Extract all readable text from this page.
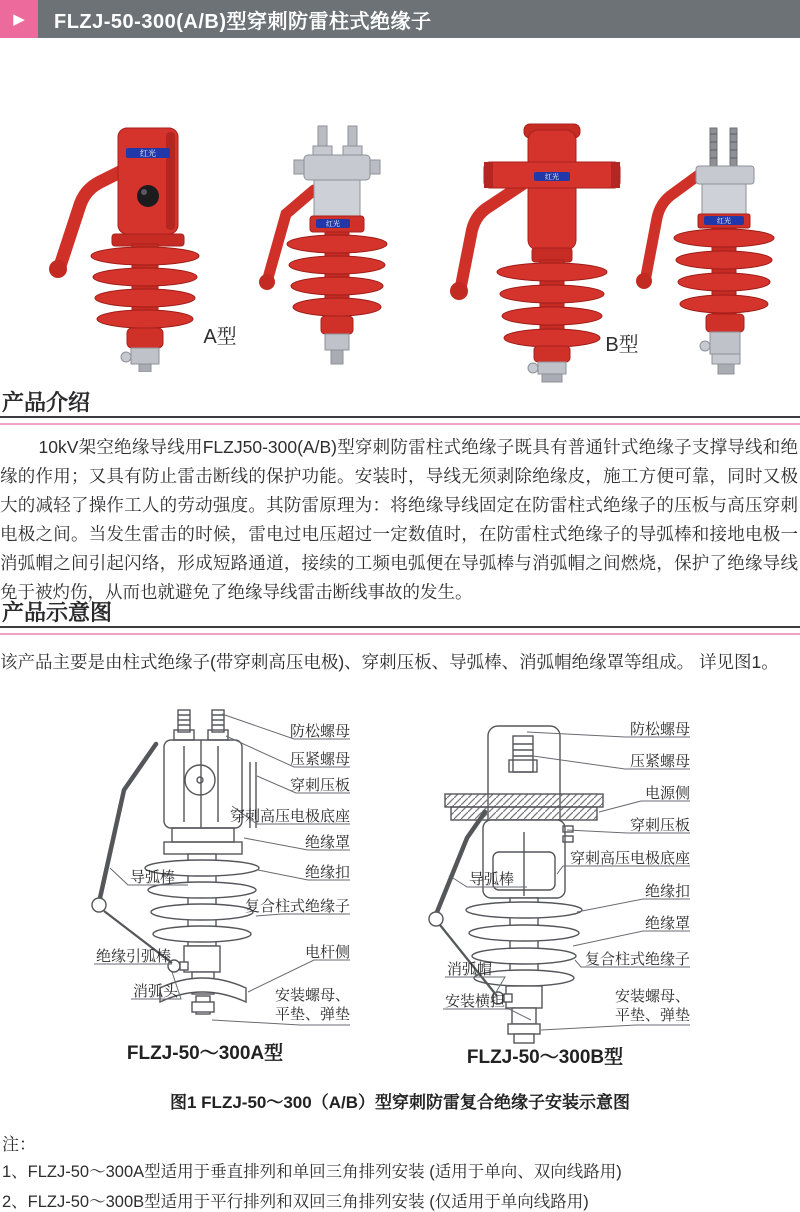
▶ FLZJ-50-300(A/B)型穿刺防雷柱式绝缘子
红光
红光
红光
红光
A型	B型
产品介绍

10kV架空绝缘导线用FLZJ50-300(A/B)型穿刺防雷柱式绝缘子既具有普通针式绝缘子支撑导线和绝缘的作用；又具有防止雷击断线的保护功能。安装时，导线无须剥除绝缘皮，施工方便可靠，同时又极大的减轻了操作工人的劳动强度。其防雷原理为：将绝缘导线固定在防雷柱式绝缘子的压板与高压穿刺电极之间。当发生雷击的时候，雷电过电压超过一定数值时，在防雷柱式绝缘子的导弧棒和接地电极一消弧帽之间引起闪络，形成短路通道，接续的工频电弧便在导弧棒与消弧帽之间燃烧，保护了绝缘导线免于被灼伤，从而也就避免了绝缘导线雷击断线事故的发生。

产品示意图

该产品主要是由柱式绝缘子(带穿刺高压电极)、穿刺压板、导弧棒、消弧帽绝缘罩等组成。 详见图1。

防松螺母
压紧螺母
穿刺压板
穿刺高压电极底座
绝缘罩
绝缘扣
复合柱式绝缘子
电杆侧
安装螺母、
平垫、弹垫
导弧棒
绝缘引弧棒
消弧头
防松螺母
压紧螺母
电源侧
穿刺压板
穿刺高压电极底座
绝缘扣
绝缘罩
复合柱式绝缘子
安装螺母、
平垫、弹垫
导弧棒
消弧帽
安装横担
FLZJ-50～300A型	FLZJ-50～300B型
图1 FLZJ-50～300（A/B）型穿刺防雷复合绝缘子安装示意图
注：
1、FLZJ-50～300A型适用于垂直排列和单回三角排列安装 (适用于单向、双向线路用)
2、FLZJ-50～300B型适用于平行排列和双回三角排列安装 (仅适用于单向线路用)
